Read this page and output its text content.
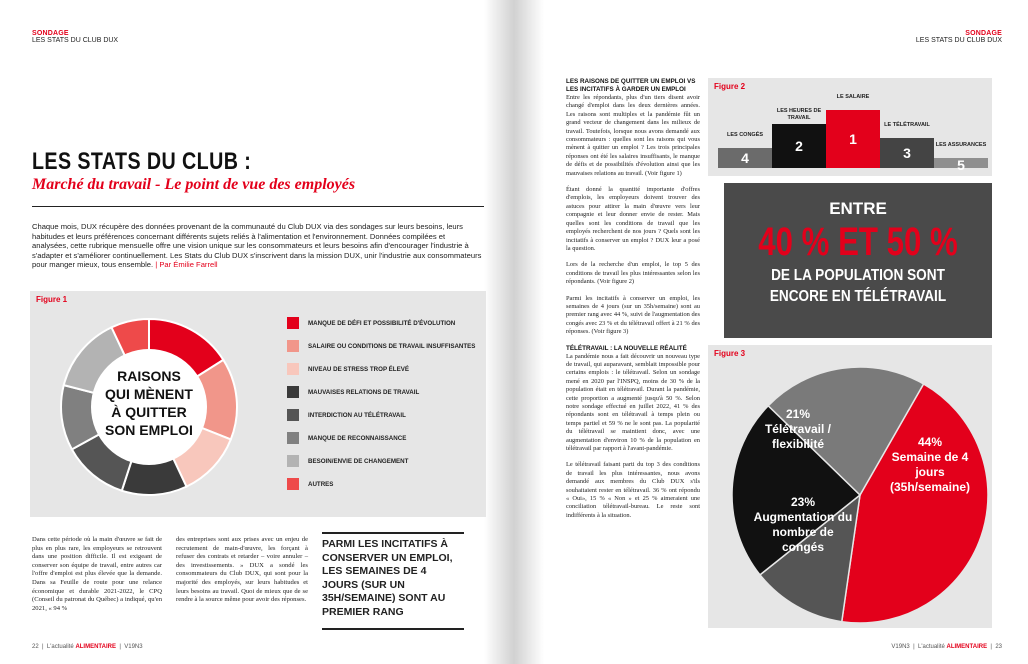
SONDAGE
LES STATS DU CLUB DUX
LES STATS DU CLUB :
Marché du travail - Le point de vue des employés
Chaque mois, DUX récupère des données provenant de la communauté du Club DUX via des sondages sur leurs besoins, leurs habitudes et leurs préférences concernant différents sujets reliés à l'alimentation et l'environnement. Données compilées et analysées, cette rubrique mensuelle offre une vision unique sur les consommateurs et leurs besoins afin d'encourager l'industrie à s'adapter et s'améliorer continuellement. Les Stats du Club DUX s'inscrivent dans la mission DUX, unir l'industrie aux consommateurs pour manger mieux, tous ensemble. | Par Émilie Farrell
Figure 1
RAISONS
QUI MÈNENT
À QUITTER
SON EMPLOI
MANQUE DE DÉFI ET POSSIBILITÉ D'ÉVOLUTION
SALAIRE OU CONDITIONS DE TRAVAIL INSUFFISANTES
NIVEAU DE STRESS TROP ÉLEVÉ
MAUVAISES RELATIONS DE TRAVAIL
INTERDICTION AU TÉLÉTRAVAIL
MANQUE DE RECONNAISSANCE
BESOIN/ENVIE DE CHANGEMENT
AUTRES
Dans cette période où la main d'œuvre se fait de plus en plus rare, les employeurs se retrouvent dans une position difficile. Il est exigeant de conserver son équipe de travail, entre autres car l'offre d'emploi est plus élevée que la demande. Dans sa Feuille de route pour une relance économique et durable 2021-2022, le CPQ (Conseil du patronat du Québec) a indiqué, qu'en 2021, « 94 %
des entreprises sont aux prises avec un enjeu de recrutement de main-d'œuvre, les forçant à refuser des contrats et retarder – voire annuler – des investissements. » DUX a sondé les consommateurs du Club DUX, qui sont pour la majorité des employés, sur leurs habitudes et leurs besoins au travail. Quoi de mieux que de se rendre à la source même pour avoir des réponses.
PARMI LES INCITATIFS À CONSERVER UN EMPLOI, LES SEMAINES DE 4 JOURS (SUR UN 35H/SEMAINE) SONT AU PREMIER RANG
22  |  L'actualité ALIMENTAIRE  |  V19N3
SONDAGE
LES STATS DU CLUB DUX
LES RAISONS DE QUITTER UN EMPLOI VS LES INCITATIFS À GARDER UN EMPLOI
Entre les répondants, plus d'un tiers disent avoir changé d'emploi dans les deux dernières années. Les raisons sont multiples et la pandémie fût un grand vecteur de changement dans les milieux de travail. Toutefois, lorsque nous avons demandé aux consommateurs : quelles sont les raisons qui vous mènent à quitter un emploi ? Les trois principales réponses ont été les salaires insuffisants, le manque de défis et de possibilités d'évolution ainsi que les mauvaises relations au travail. (Voir figure 1)
Étant donné la quantité importante d'offres d'emplois, les employeurs doivent trouver des astuces pour attirer la main d'œuvre vers leur compagnie et leur donner envie de rester. Mais quelles sont les conditions de travail que les employés recherchent de nos jours ? Quels sont les incitatifs à conserver un emploi ? DUX leur a posé la question.
Lors de la recherche d'un emploi, le top 5 des conditions de travail les plus intéressantes selon les répondants. (Voir figure 2)
Parmi les incitatifs à conserver un emploi, les semaines de 4 jours (sur un 35h/semaine) sont au premier rang avec 44 %, suivi de l'augmentation des congés avec 23 % et du télétravail offert à 21 % des réponses. (Voir figure 3)
TÉLÉTRAVAIL : LA NOUVELLE RÉALITÉ
La pandémie nous a fait découvrir un nouveau type de travail, qui auparavant, semblait impossible pour certains emplois : le télétravail. Selon un sondage mené en 2020 par l'INSPQ, moins de 30 % de la population était en télétravail. Durant la pandémie, cette proportion a augmenté jusqu'à 50 %. Selon notre sondage effectué en juillet 2022, 41 % des répondants sont en télétravail à temps plein ou temps partiel et 59 % ne le sont pas. La popularité du télétravail se maintient donc, avec une augmentation d'environ 10 % de la population en télétravail par rapport à l'avant-pandémie.
Le télétravail faisant parti du top 3 des conditions de travail les plus intéressantes, nous avons demandé aux membres du Club DUX s'ils souhaitaient rester en télétravail. 36 % ont répondu « Oui», 15 % « Non » et 25 % aimeraient une conciliation télétravail-bureau. Le reste sont indifférents à la situation.
V19N3  |  L'actualité ALIMENTAIRE  |  23
Figure 2
4
LES CONGÉS
2
LES HEURES DE TRAVAIL
1
LE SALAIRE
3
LE TÉLÉTRAVAIL
5
LES ASSURANCES
ENTRE
40 % ET 50 %
DE LA POPULATION SONT
ENCORE EN TÉLÉTRAVAIL
Figure 3
44%
Semaine de 4 jours (35h/semaine)
23%
Augmentation du nombre de congés
21%
Télétravail / flexibilité
